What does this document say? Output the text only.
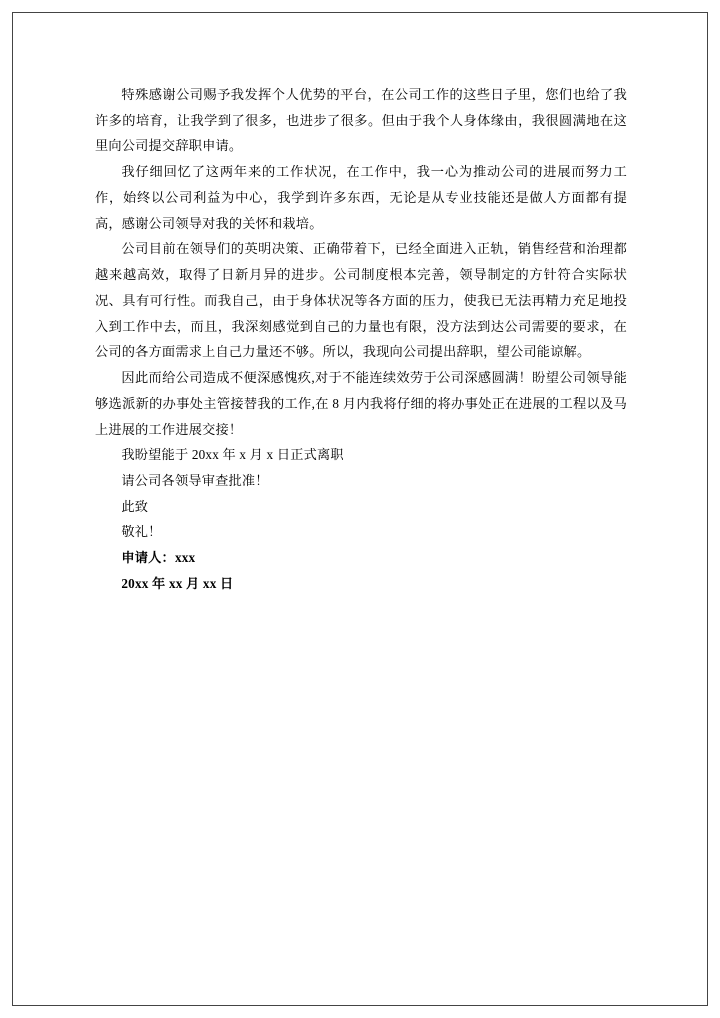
特殊感谢公司赐予我发挥个人优势的平台，在公司工作的这些日子里，您们也给了我许多的培育，让我学到了很多，也进步了很多。但由于我个人身体缘由，我很圆满地在这里向公司提交辞职申请。

我仔细回忆了这两年来的工作状况，在工作中，我一心为推动公司的进展而努力工作，始终以公司利益为中心，我学到许多东西，无论是从专业技能还是做人方面都有提高，感谢公司领导对我的关怀和栽培。

公司目前在领导们的英明决策、正确带着下，已经全面进入正轨，销售经营和治理都越来越高效，取得了日新月异的进步。公司制度根本完善，领导制定的方针符合实际状况、具有可行性。而我自己，由于身体状况等各方面的压力，使我已无法再精力充足地投入到工作中去，而且，我深刻感觉到自己的力量也有限，没方法到达公司需要的要求，在公司的各方面需求上自己力量还不够。所以，我现向公司提出辞职，望公司能谅解。

因此而给公司造成不便深感愧疚,对于不能连续效劳于公司深感圆满！盼望公司领导能够选派新的办事处主管接替我的工作,在 8 月内我将仔细的将办事处正在进展的工程以及马上进展的工作进展交接！

我盼望能于 20xx 年 x 月 x 日正式离职

请公司各领导审查批准！

此致

敬礼！

申请人：xxx

20xx 年 xx 月 xx 日
